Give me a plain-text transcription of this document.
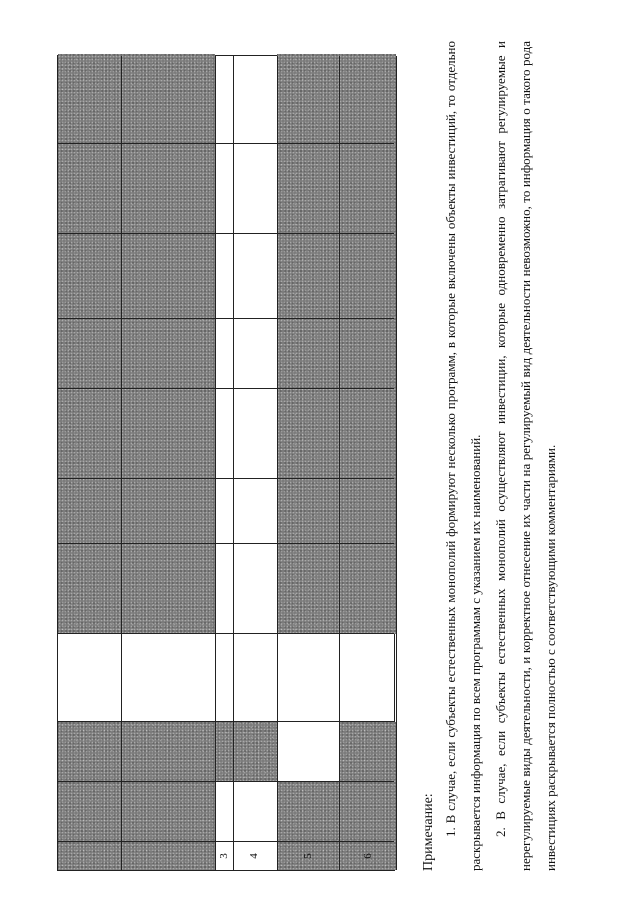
3	4	5	6	Примечание: 1. В случае, если субъекты естественных монополий формируют несколько программ, в которые включены объекты инвестиций, то отдельно раскрывается информация по всем программам с указанием их наименований. 2. В случае, если субъекты естественных монополий осуществляют инвестиции, которые одновременно затрагивают регулируемые и нерегулируемые виды деятельности, и корректное отнесение их части на регулируемый вид деятельности невозможно, то информация о такого рода инвестициях раскрывается полностью с соответствующими комментариями.
